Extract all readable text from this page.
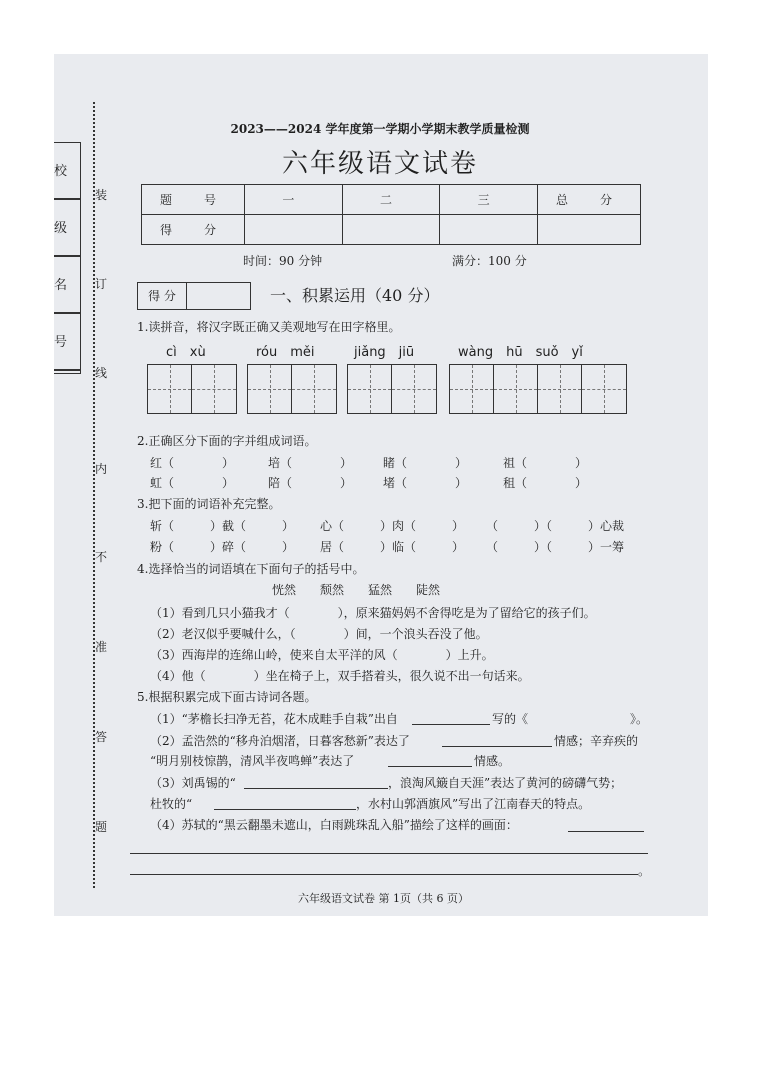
校
级
名
号
装
订
线
内
不
准
答
题
2023——2024 学年度第一学期小学期末教学质量检测
六年级语文试卷
题　号	一	二	三	总　分
得　分				
时间：90 分钟	满分：100 分
得 分	一、积累运用（40 分）
1.读拼音，将汉字既正确又美观地写在田字格里。
cì　xù	róu　měi	jiǎng　jiū	wàng　hū　suǒ　yǐ
2.正确区分下面的字并组成词语。
红（　　　　）	培（　　　　）	睹（　　　　）	祖（　　　　）
虹（　　　　）	陪（　　　　）	堵（　　　　）	租（　　　　）
3.把下面的词语补充完整。
斩（　　　）截（　　　） 心（　　　）肉（　　　） （　　　）（　　　）心裁
粉（　　　）碎（　　　） 居（　　　）临（　　　） （　　　）（　　　）一筹
4.选择恰当的词语填在下面句子的括号中。
恍然　　颓然　　猛然　　陡然
（1）看到几只小猫我才（　　　　），原来猫妈妈不舍得吃是为了留给它的孩子们。
（2）老汉似乎要喊什么，（　　　　）间，一个浪头吞没了他。
（3）西海岸的连绵山岭，使来自太平洋的风（　　　　）上升。
（4）他（　　　　）坐在椅子上，双手搭着头，很久说不出一句话来。
5.根据积累完成下面古诗词各题。
（1）“茅檐长扫净无苔，花木成畦手自栽”出自	写的《	》。
（2）孟浩然的“移舟泊烟渚，日暮客愁新”表达了	情感；辛弃疾的
“明月别枝惊鹊，清风半夜鸣蝉”表达了	情感。
（3）刘禹锡的“	，浪淘风簸自天涯”表达了黄河的磅礴气势；
杜牧的“	，水村山郭酒旗风”写出了江南春天的特点。
（4）苏轼的“黑云翻墨未遮山，白雨跳珠乱入船”描绘了这样的画面：
。
六年级语文试卷 第 1页（共 6 页）
